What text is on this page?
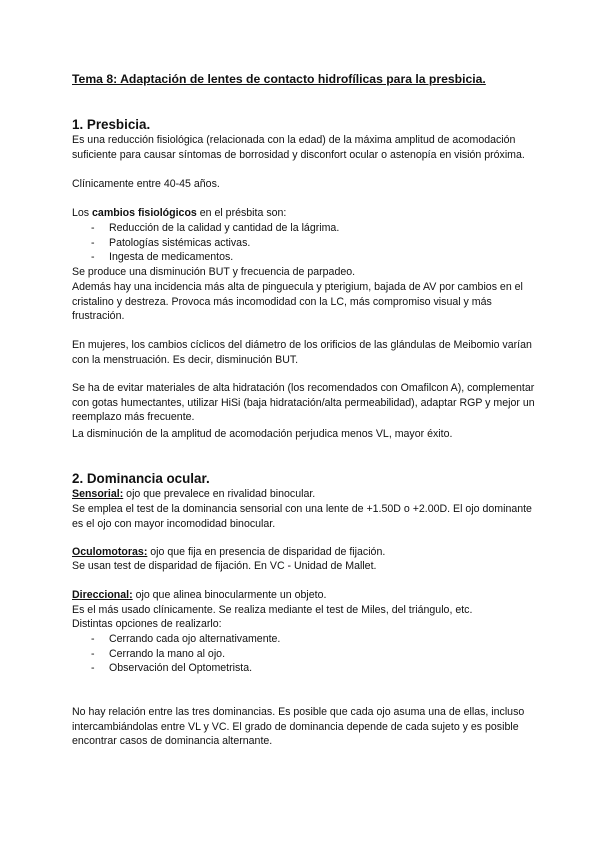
Tema 8: Adaptación de lentes de contacto hidrofílicas para la presbicia.
1. Presbicia.

Es una reducción fisiológica (relacionada con la edad) de la máxima amplitud de acomodación suficiente para causar síntomas de borrosidad y disconfort ocular o astenopía en visión próxima.

Clínicamente entre 40-45 años.

Los cambios fisiológicos en el présbita son:

- Reducción de la calidad y cantidad de la lágrima.
- Patologías sistémicas activas.
- Ingesta de medicamentos.

Se produce una disminución BUT y frecuencia de parpadeo.

Además hay una incidencia más alta de pinguecula y pterigium, bajada de AV por cambios en el cristalino y destreza. Provoca más incomodidad con la LC, más compromiso visual y más frustración.

En mujeres, los cambios cíclicos del diámetro de los orificios de las glándulas de Meibomio varían con la menstruación. Es decir, disminución BUT.

Se ha de evitar materiales de alta hidratación (los recomendados con Omafilcon A), complementar con gotas humectantes, utilizar HiSi (baja hidratación/alta permeabilidad), adaptar RGP y mejor un reemplazo más frecuente.

La disminución de la amplitud de acomodación perjudica menos VL, mayor éxito.

2. Dominancia ocular.

Sensorial: ojo que prevalece en rivalidad binocular.

Se emplea el test de la dominancia sensorial con una lente de +1.50D o +2.00D. El ojo dominante es el ojo con mayor incomodidad binocular.

Oculomotoras: ojo que fija en presencia de disparidad de fijación.

Se usan test de disparidad de fijación. En VC - Unidad de Mallet.

Direccional: ojo que alinea binocularmente un objeto.

Es el más usado clínicamente. Se realiza mediante el test de Miles, del triángulo, etc.

Distintas opciones de realizarlo:

- Cerrando cada ojo alternativamente.
- Cerrando la mano al ojo.
- Observación del Optometrista.

No hay relación entre las tres dominancias. Es posible que cada ojo asuma una de ellas, incluso intercambiándolas entre VL y VC. El grado de dominancia depende de cada sujeto y es posible encontrar casos de dominancia alternante.
